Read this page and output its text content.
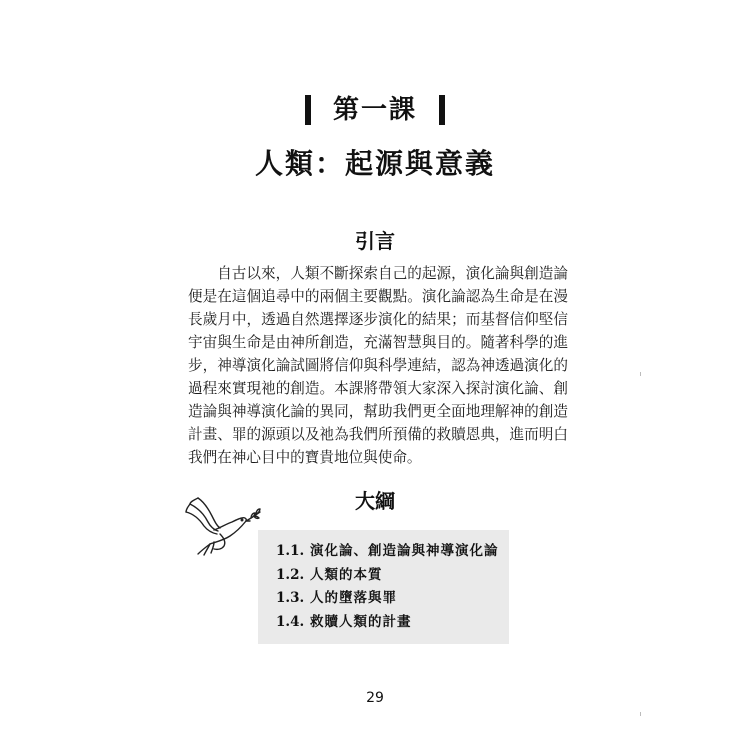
第一課
人類：起源與意義
引言

自古以來，人類不斷探索自己的起源，演化論與創造論便是在這個追尋中的兩個主要觀點。演化論認為生命是在漫長歲月中，透過自然選擇逐步演化的結果；而基督信仰堅信宇宙與生命是由神所創造，充滿智慧與目的。隨著科學的進步，神導演化論試圖將信仰與科學連結，認為神透過演化的過程來實現祂的創造。本課將帶領大家深入探討演化論、創造論與神導演化論的異同，幫助我們更全面地理解神的創造計畫、罪的源頭以及祂為我們所預備的救贖恩典，進而明白我們在神心目中的寶貴地位與使命。

大綱
1.1. 演化論、創造論與神導演化論
1.2. 人類的本質
1.3. 人的墮落與罪
1.4. 救贖人類的計畫
29
